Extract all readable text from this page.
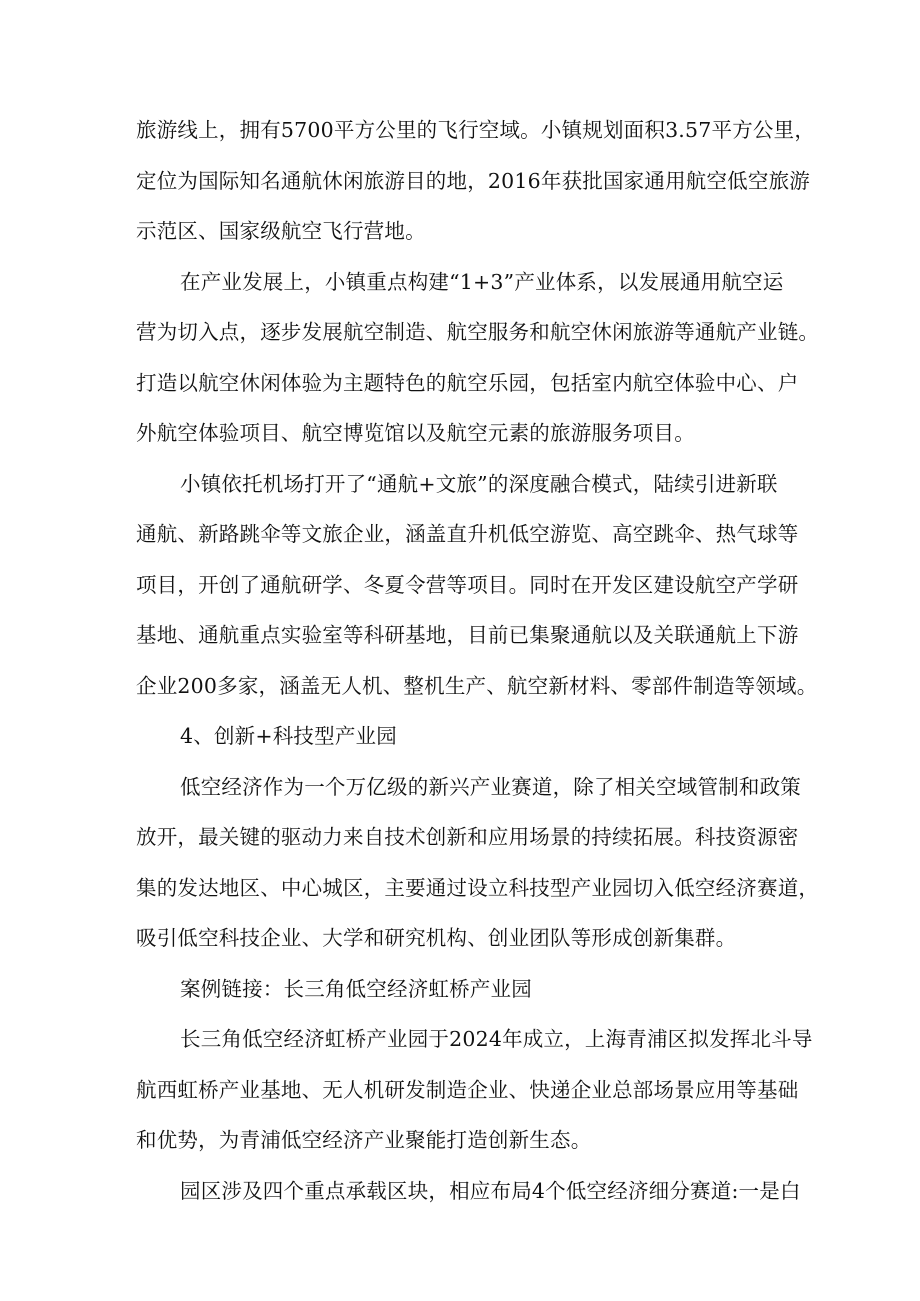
旅游线上，拥有5700平方公里的飞行空域。小镇规划面积3.57平方公里，
定位为国际知名通航休闲旅游目的地，2016年获批国家通用航空低空旅游
示范区、国家级航空飞行营地。
在产业发展上，小镇重点构建“1+3”产业体系，以发展通用航空运
营为切入点，逐步发展航空制造、航空服务和航空休闲旅游等通航产业链。
打造以航空休闲体验为主题特色的航空乐园，包括室内航空体验中心、户
外航空体验项目、航空博览馆以及航空元素的旅游服务项目。
小镇依托机场打开了“通航+文旅”的深度融合模式，陆续引进新联
通航、新路跳伞等文旅企业，涵盖直升机低空游览、高空跳伞、热气球等
项目，开创了通航研学、冬夏令营等项目。同时在开发区建设航空产学研
基地、通航重点实验室等科研基地，目前已集聚通航以及关联通航上下游
企业200多家，涵盖无人机、整机生产、航空新材料、零部件制造等领域。
4、创新+科技型产业园
低空经济作为一个万亿级的新兴产业赛道，除了相关空域管制和政策
放开，最关键的驱动力来自技术创新和应用场景的持续拓展。科技资源密
集的发达地区、中心城区，主要通过设立科技型产业园切入低空经济赛道，
吸引低空科技企业、大学和研究机构、创业团队等形成创新集群。
案例链接：长三角低空经济虹桥产业园
长三角低空经济虹桥产业园于2024年成立，上海青浦区拟发挥北斗导
航西虹桥产业基地、无人机研发制造企业、快递企业总部场景应用等基础
和优势，为青浦低空经济产业聚能打造创新生态。
园区涉及四个重点承载区块，相应布局4个低空经济细分赛道:一是白
